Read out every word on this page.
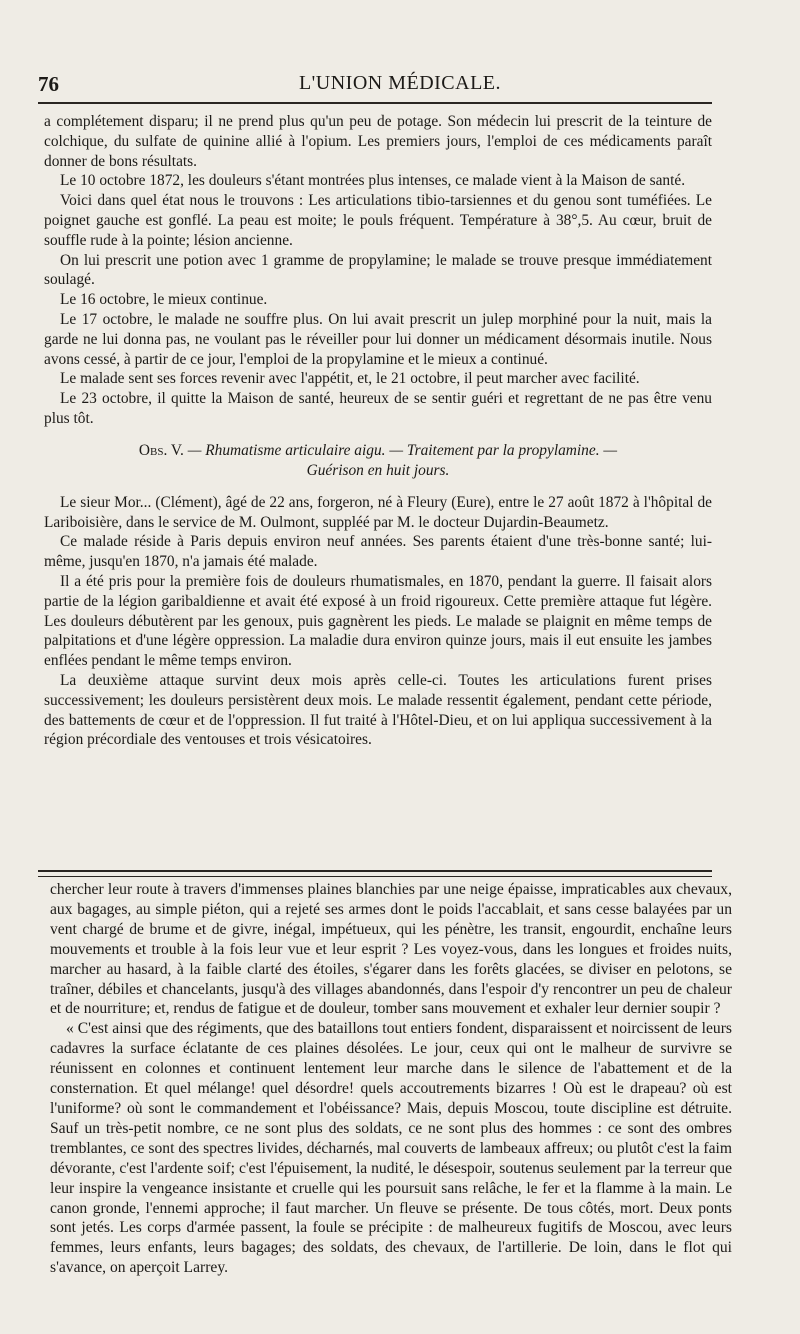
76	L'UNION MÉDICALE.

a complétement disparu; il ne prend plus qu'un peu de potage. Son médecin lui prescrit de la teinture de colchique, du sulfate de quinine allié à l'opium. Les premiers jours, l'emploi de ces médicaments paraît donner de bons résultats.

Le 10 octobre 1872, les douleurs s'étant montrées plus intenses, ce malade vient à la Maison de santé.

Voici dans quel état nous le trouvons : Les articulations tibio-tarsiennes et du genou sont tuméfiées. Le poignet gauche est gonflé. La peau est moite; le pouls fréquent. Température à 38°,5. Au cœur, bruit de souffle rude à la pointe; lésion ancienne.

On lui prescrit une potion avec 1 gramme de propylamine; le malade se trouve presque immédiatement soulagé.

Le 16 octobre, le mieux continue.

Le 17 octobre, le malade ne souffre plus. On lui avait prescrit un julep morphiné pour la nuit, mais la garde ne lui donna pas, ne voulant pas le réveiller pour lui donner un médicament désormais inutile. Nous avons cessé, à partir de ce jour, l'emploi de la propylamine et le mieux a continué.

Le malade sent ses forces revenir avec l'appétit, et, le 21 octobre, il peut marcher avec facilité.

Le 23 octobre, il quitte la Maison de santé, heureux de se sentir guéri et regrettant de ne pas être venu plus tôt.

Obs. V. — Rhumatisme articulaire aigu. — Traitement par la propylamine. —
Guérison en huit jours.

Le sieur Mor... (Clément), âgé de 22 ans, forgeron, né à Fleury (Eure), entre le 27 août 1872 à l'hôpital de Lariboisière, dans le service de M. Oulmont, suppléé par M. le docteur Dujardin-Beaumetz.

Ce malade réside à Paris depuis environ neuf années. Ses parents étaient d'une très-bonne santé; lui-même, jusqu'en 1870, n'a jamais été malade.

Il a été pris pour la première fois de douleurs rhumatismales, en 1870, pendant la guerre. Il faisait alors partie de la légion garibaldienne et avait été exposé à un froid rigoureux. Cette première attaque fut légère. Les douleurs débutèrent par les genoux, puis gagnèrent les pieds. Le malade se plaignit en même temps de palpitations et d'une légère oppression. La maladie dura environ quinze jours, mais il eut ensuite les jambes enflées pendant le même temps environ.

La deuxième attaque survint deux mois après celle-ci. Toutes les articulations furent prises successivement; les douleurs persistèrent deux mois. Le malade ressentit également, pendant cette période, des battements de cœur et de l'oppression. Il fut traité à l'Hôtel-Dieu, et on lui appliqua successivement à la région précordiale des ventouses et trois vésicatoires.

chercher leur route à travers d'immenses plaines blanchies par une neige épaisse, impraticables aux chevaux, aux bagages, au simple piéton, qui a rejeté ses armes dont le poids l'accablait, et sans cesse balayées par un vent chargé de brume et de givre, inégal, impétueux, qui les pénètre, les transit, engourdit, enchaîne leurs mouvements et trouble à la fois leur vue et leur esprit ? Les voyez-vous, dans les longues et froides nuits, marcher au hasard, à la faible clarté des étoiles, s'égarer dans les forêts glacées, se diviser en pelotons, se traîner, débiles et chancelants, jusqu'à des villages abandonnés, dans l'espoir d'y rencontrer un peu de chaleur et de nourriture; et, rendus de fatigue et de douleur, tomber sans mouvement et exhaler leur dernier soupir ?

« C'est ainsi que des régiments, que des bataillons tout entiers fondent, disparaissent et noircissent de leurs cadavres la surface éclatante de ces plaines désolées. Le jour, ceux qui ont le malheur de survivre se réunissent en colonnes et continuent lentement leur marche dans le silence de l'abattement et de la consternation. Et quel mélange! quel désordre! quels accoutrements bizarres ! Où est le drapeau? où est l'uniforme? où sont le commandement et l'obéissance? Mais, depuis Moscou, toute discipline est détruite. Sauf un très-petit nombre, ce ne sont plus des soldats, ce ne sont plus des hommes : ce sont des ombres tremblantes, ce sont des spectres livides, décharnés, mal couverts de lambeaux affreux; ou plutôt c'est la faim dévorante, c'est l'ardente soif; c'est l'épuisement, la nudité, le désespoir, soutenus seulement par la terreur que leur inspire la vengeance insistante et cruelle qui les poursuit sans relâche, le fer et la flamme à la main. Le canon gronde, l'ennemi approche; il faut marcher. Un fleuve se présente. De tous côtés, mort. Deux ponts sont jetés. Les corps d'armée passent, la foule se précipite : de malheureux fugitifs de Moscou, avec leurs femmes, leurs enfants, leurs bagages; des soldats, des chevaux, de l'artillerie. De loin, dans le flot qui s'avance, on aperçoit Larrey.
